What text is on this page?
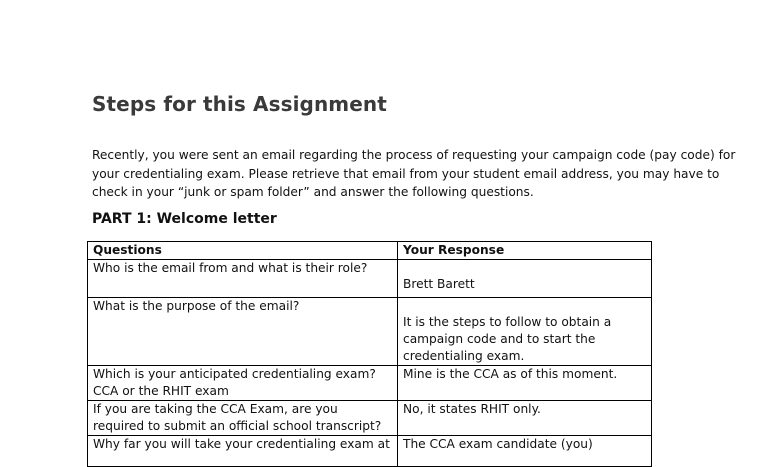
Steps for this Assignment
Recently, you were sent an email regarding the process of requesting your campaign code (pay code) for
your credentialing exam. Please retrieve that email from your student email address, you may have to
check in your “junk or spam folder” and answer the following questions.
PART 1: Welcome letter
Questions	Your Response
Who is the email from and what is their role?	Brett Barett
What is the purpose of the email?	It is the steps to follow to obtain a campaign code and to start the credentialing exam.
Which is your anticipated credentialing exam? CCA or the RHIT exam	Mine is the CCA as of this moment.
If you are taking the CCA Exam, are you required to submit an official school transcript?	No, it states RHIT only.
Why far you will take your credentialing exam at	The CCA exam candidate (you)
